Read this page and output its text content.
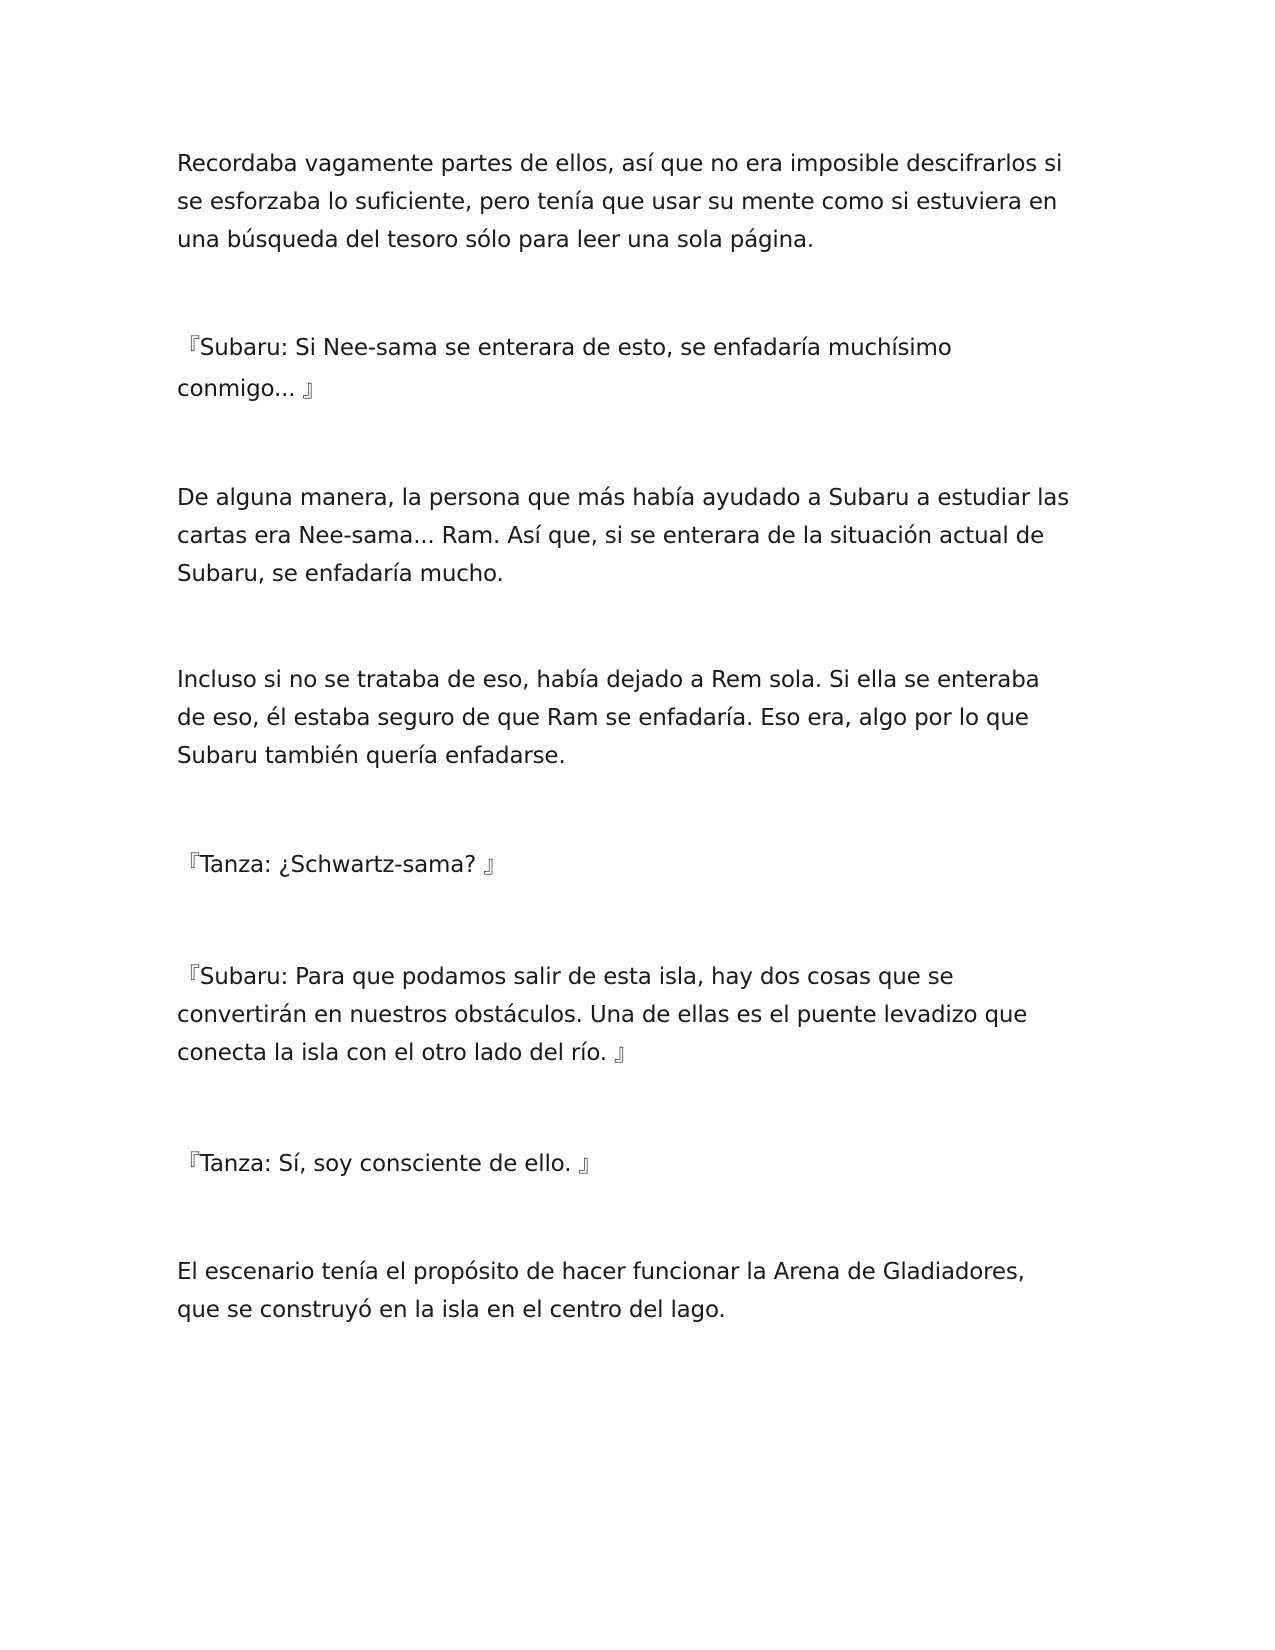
Recordaba vagamente partes de ellos, así que no era imposible descifrarlos si
se esforzaba lo suficiente, pero tenía que usar su mente como si estuviera en
una búsqueda del tesoro sólo para leer una sola página.

『Subaru: Si Nee-sama se enterara de esto, se enfadaría muchísimo
conmigo... 』

De alguna manera, la persona que más había ayudado a Subaru a estudiar las
cartas era Nee-sama... Ram. Así que, si se enterara de la situación actual de
Subaru, se enfadaría mucho.

Incluso si no se trataba de eso, había dejado a Rem sola. Si ella se enteraba
de eso, él estaba seguro de que Ram se enfadaría. Eso era, algo por lo que
Subaru también quería enfadarse.

『Tanza: ¿Schwartz-sama? 』

『Subaru: Para que podamos salir de esta isla, hay dos cosas que se
convertirán en nuestros obstáculos. Una de ellas es el puente levadizo que
conecta la isla con el otro lado del río. 』

『Tanza: Sí, soy consciente de ello. 』

El escenario tenía el propósito de hacer funcionar la Arena de Gladiadores,
que se construyó en la isla en el centro del lago.
